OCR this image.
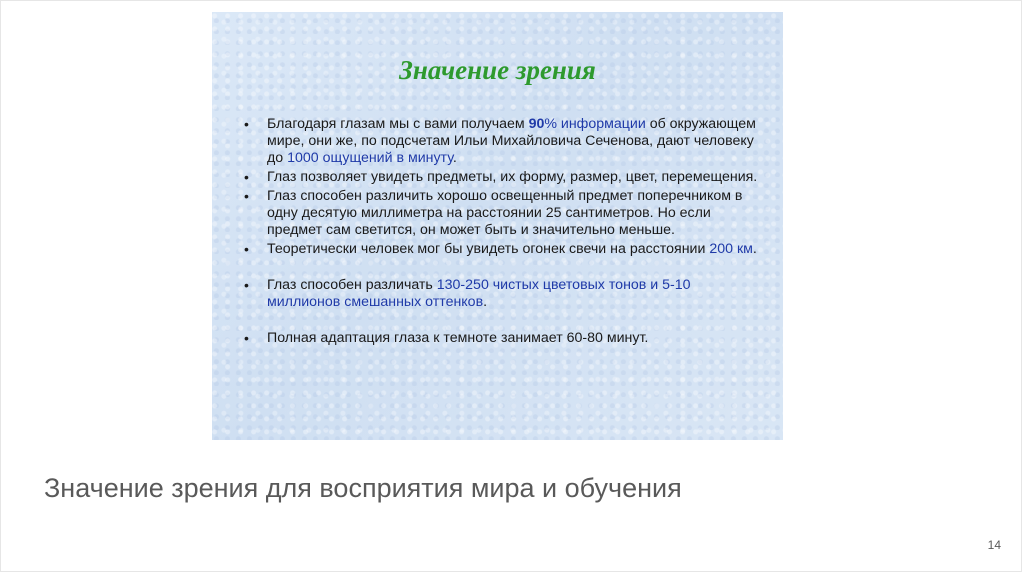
Значение зрения
• Благодаря глазам мы с вами получаем 90% информации об окружающем мире, они же, по подсчетам Ильи Михайловича Сеченова, дают человеку до 1000 ощущений в минуту.
• Глаз позволяет увидеть предметы, их форму, размер, цвет, перемещения.
• Глаз способен различить хорошо освещенный предмет поперечником в одну десятую миллиметра на расстоянии 25 сантиметров. Но если предмет сам светится, он может быть и значительно меньше.
• Теоретически человек мог бы увидеть огонек свечи на расстоянии 200 км.
• Глаз способен различать 130-250 чистых цветовых тонов и 5-10 миллионов смешанных оттенков.
• Полная адаптация глаза к темноте занимает 60-80 минут.
Значение зрения для восприятия мира и обучения
14
